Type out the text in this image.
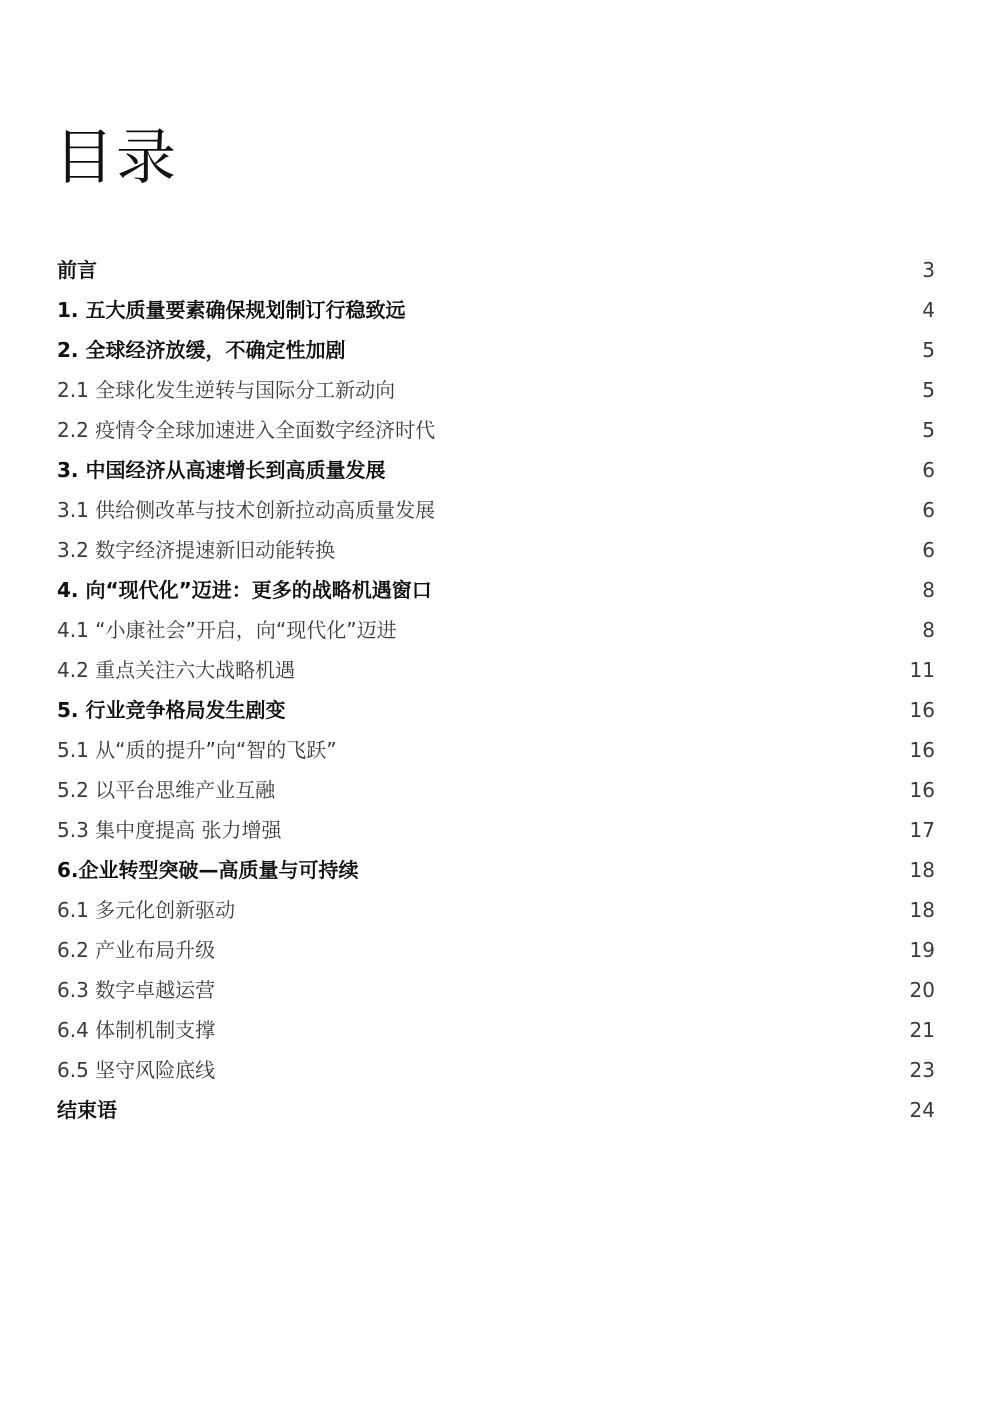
目录
前言	3
1. 五大质量要素确保规划制订行稳致远	4
2. 全球经济放缓，不确定性加剧	5
2.1 全球化发生逆转与国际分工新动向	5
2.2 疫情令全球加速进入全面数字经济时代	5
3. 中国经济从高速增长到高质量发展	6
3.1 供给侧改革与技术创新拉动高质量发展	6
3.2 数字经济提速新旧动能转换	6
4. 向“现代化”迈进：更多的战略机遇窗口	8
4.1 “小康社会”开启，向“现代化”迈进	8
4.2 重点关注六大战略机遇	11
5. 行业竞争格局发生剧变	16
5.1 从“质的提升”向“智的飞跃”	16
5.2 以平台思维产业互融	16
5.3 集中度提高 张力增强	17
6.企业转型突破—高质量与可持续	18
6.1 多元化创新驱动	18
6.2 产业布局升级	19
6.3 数字卓越运营	20
6.4 体制机制支撑	21
6.5 坚守风险底线	23
结束语	24
